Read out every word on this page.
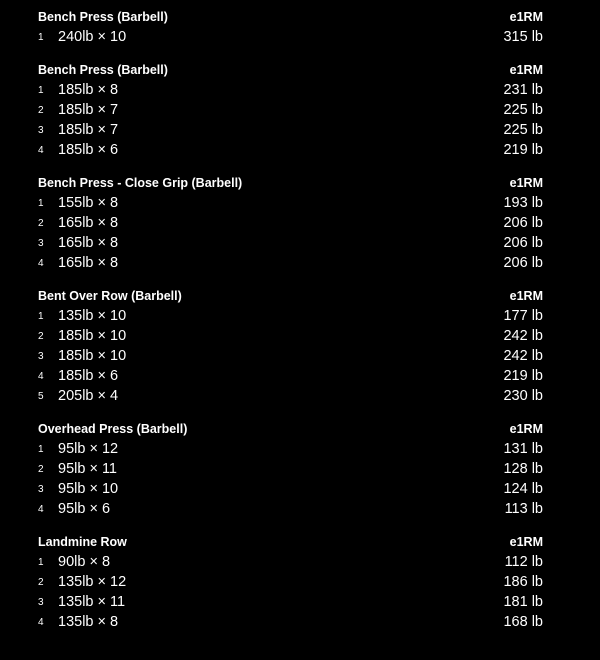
Bench Press (Barbell)	e1RM
1 240lb × 10	315 lb
Bench Press (Barbell)	e1RM
1 185lb × 8	231 lb
2 185lb × 7	225 lb
3 185lb × 7	225 lb
4 185lb × 6	219 lb
Bench Press - Close Grip (Barbell)	e1RM
1 155lb × 8	193 lb
2 165lb × 8	206 lb
3 165lb × 8	206 lb
4 165lb × 8	206 lb
Bent Over Row (Barbell)	e1RM
1 135lb × 10	177 lb
2 185lb × 10	242 lb
3 185lb × 10	242 lb
4 185lb × 6	219 lb
5 205lb × 4	230 lb
Overhead Press (Barbell)	e1RM
1 95lb × 12	131 lb
2 95lb × 11	128 lb
3 95lb × 10	124 lb
4 95lb × 6	113 lb
Landmine Row	e1RM
1 90lb × 8	112 lb
2 135lb × 12	186 lb
3 135lb × 11	181 lb
4 135lb × 8	168 lb
